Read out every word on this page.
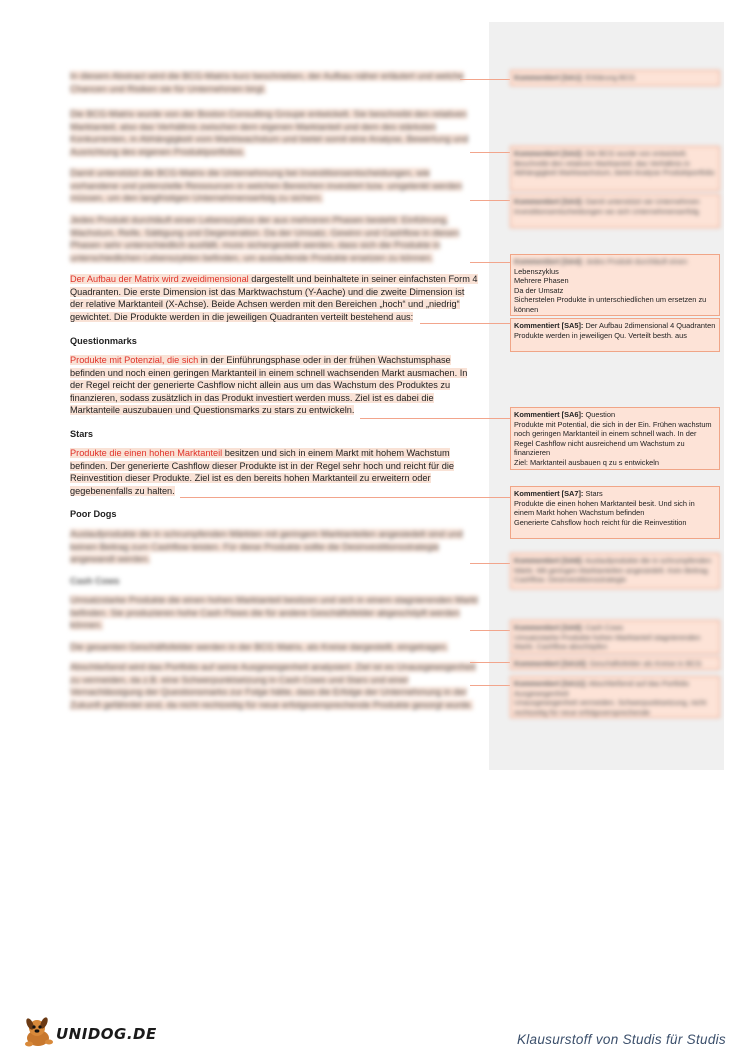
In diesem Abstract wird die BCG-Matrix kurz beschrieben, der Aufbau näher erläutert und welche Chancen und Risiken sie für Unternehmen birgt.

Die BCG-Matrix wurde von der Boston Consulting Groupe entwickelt. Sie beschreibt den relativen Marktanteil, also das Verhältnis zwischen dem eigenen Marktanteil und dem des stärksten Konkurrenten, in Abhängigkeit vom Marktwachstum und bietet somit eine Analyse, Bewertung und Ausrichtung des eigenen Produktportfolios.

Damit unterstützt die BCG-Matrix die Unternehmung bei Investitionsentscheidungen, wie vorhandene und potenzielle Ressourcen in welchen Bereichen investiert bzw. umgelenkt werden müssen, um den langfristigen Unternehmenserfolg zu sichern.

Jedes Produkt durchläuft einen Lebenszyklus der aus mehreren Phasen besteht: Einführung, Wachstum, Reife, Sättigung und Degeneration. Da der Umsatz, Gewinn und Cashflow in diesen Phasen sehr unterschiedlich ausfällt, muss sichergestellt werden, dass sich die Produkte in unterschiedlichen Lebenszyklen befinden, um auslaufende Produkte ersetzen zu können.

Der Aufbau der Matrix wird zweidimensional dargestellt und beinhaltete in seiner einfachsten Form 4 Quadranten. Die erste Dimension ist das Marktwachstum (Y-Aache) und die zweite Dimension ist der relative Marktanteil (X-Achse). Beide Achsen werden mit den Bereichen „hoch“ und „niedrig“ gewichtet. Die Produkte werden in die jeweiligen Quadranten verteilt bestehend aus:

Questionmarks

Produkte mit Potenzial, die sich in der Einführungsphase oder in der frühen Wachstumsphase befinden und noch einen geringen Marktanteil in einem schnell wachsenden Markt ausmachen. In der Regel reicht der generierte Cashflow nicht allein aus um das Wachstum des Produktes zu finanzieren, sodass zusätzlich in das Produkt investiert werden muss. Ziel ist es dabei die Marktanteile auszubauen und Questionsmarks zu stars zu entwickeln.

Stars

Produkte die einen hohen Marktanteil besitzen und sich in einem Markt mit hohem Wachstum befinden. Der generierte Cashflow dieser Produkte ist in der Regel sehr hoch und reicht für die Reinvestition dieser Produkte. Ziel ist es den bereits hohen Marktanteil zu erweitern oder gegebenenfalls zu halten.

Poor Dogs

Auslaufprodukte die in schrumpfenden Märkten mit geringem Marktanteilen angesiedelt sind und keinen Beitrag zum Cashflow leisten. Für diese Produkte sollte die Desinvestitionsstrategie angewandt werden.

Cash Cows

Umsatzstarke Produkte die einen hohen Marktanteil besitzen und sich in einem stagnierenden Markt befinden. Sie produzieren hohe Cash Flows die für andere Geschäftsfelder abgeschöpft werden können.

Die gesamten Geschäftsfelder werden in der BCG Matrix, als Kreise dargestellt, eingetragen.

Abschließend wird das Portfolio auf seine Ausgewogenheit analysiert. Ziel ist es Unausgewogenheit zu vermeiden, da z.B. eine Schwerpunktsetzung in Cash Cows und Stars und einer Vernachlässigung der Questionsmarks zur Folge hätte, dass die Erfolge der Unternehmung in der Zukunft gefährdet sind, da nicht rechtzeitig für neue erfolgsversprechende Produkte gesorgt wurde.

Kommentiert [SA1]: Erklärung BCG
Kommentiert [SA2]: Die BCG wurde von entwickelt. Beschreibt den relativen Marktanteil, das Verhältnis in Abhängigkeit Marktwachstum, bietet Analyse Produktportfolio
Kommentiert [SA3]: Damit unterstützt sie Unternehmen Investitionsentscheidungen wo sich Unternehmenserfolg
Kommentiert [SA4]: Jedes Produkt durchläuft einen
Lebenszyklus
Mehrere Phasen
Da der Umsatz
Sicherstelen Produkte in unterschiedlichen um ersetzen zu können
Kommentiert [SA5]: Der Aufbau 2dimensional 4 Quadranten
Produkte werden in jeweiligen Qu. Verteilt besth. aus
Kommentiert [SA6]: Question
Produkte mit Potential, die sich in der Ein. Frühen wachstum noch geringen Marktanteil in einem schnell wach. In der Regel Cashflow nicht ausreichend um Wachstum zu finanzieren
Ziel: Marktanteil ausbauen q zu s entwickeln
Kommentiert [SA7]: Stars
Produkte die einen hohen Marktanteil besit. Und sich in einem Markt hohen Wachstum befinden
Generierte Cahsflow hoch reicht für die Reinvestition
Kommentiert [SA8]: Auslaufprodukte die in schrumpfenden Märkt. Mit geringen Marktanteilen angesiedelt. Kein Beitrag Cashflow. Desinvestitionsstrategie
Kommentiert [SA9]: Cash Cows
Umsatzstarke Produkte hohen Marktanteil stagnierenden Markt. Cashflow abschöpfen
Kommentiert [SA10]: Geschäftsfelder als Kreise in BCG
Kommentiert [SA11]: Abschließend auf das Portfolio Ausgewogenheit
Unausgewogenheit vermeiden. Schwerpunktsetzung, nicht rechtzeitig für neue erfolgsversprechende
UNIDOG.DE	Klausurstoff von Studis für Studis
